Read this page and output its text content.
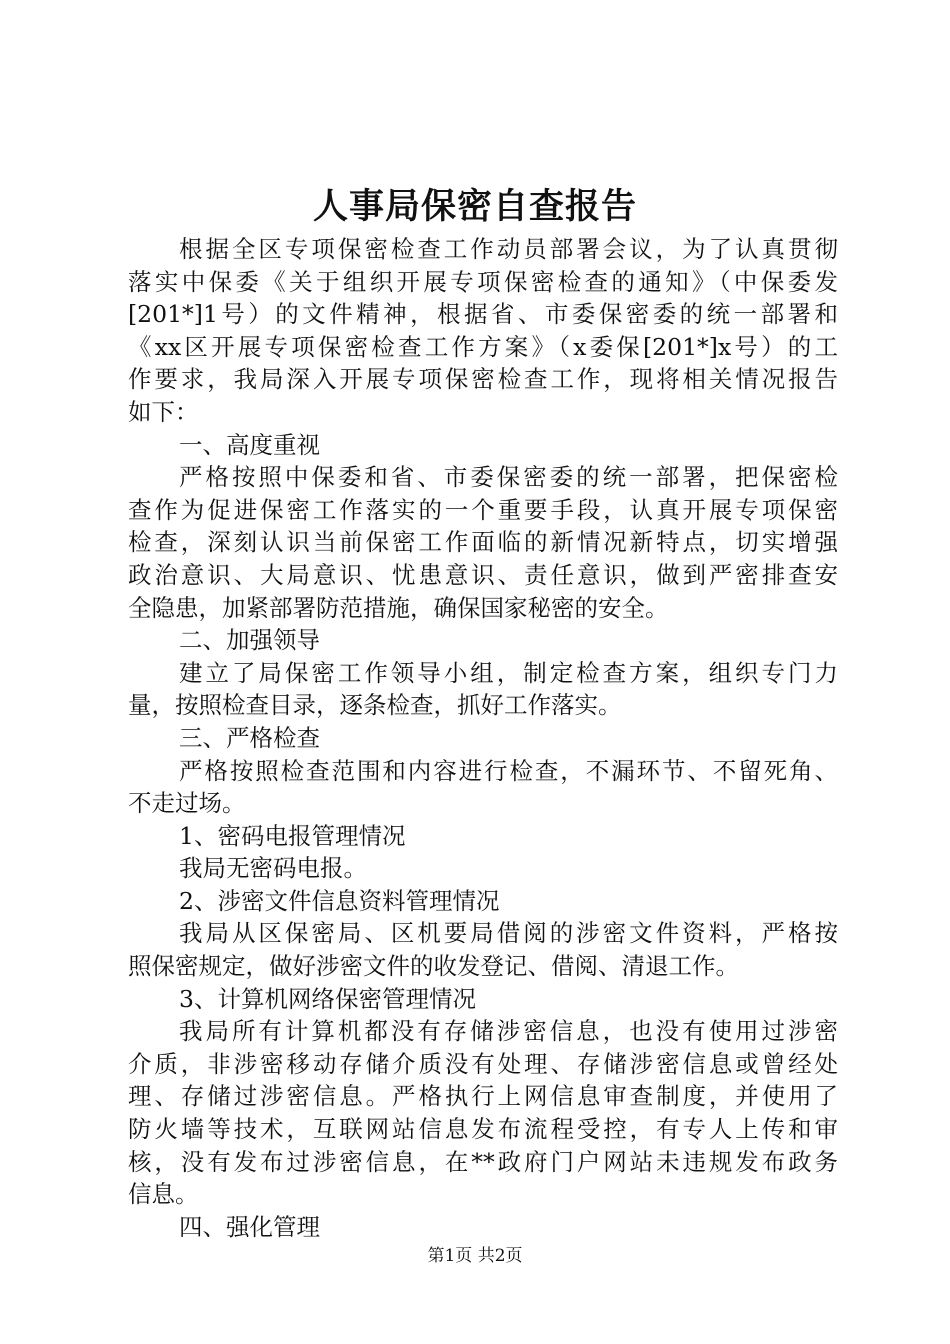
人事局保密自查报告
根据全区专项保密检查工作动员部署会议，为了认真贯彻
落实中保委《关于组织开展专项保密检查的通知》（中保委发
[201*]1号）的文件精神，根据省、市委保密委的统一部署和
《xx区开展专项保密检查工作方案》（x委保[201*]x号）的工
作要求，我局深入开展专项保密检查工作，现将相关情况报告
如下：
一、高度重视
严格按照中保委和省、市委保密委的统一部署，把保密检
查作为促进保密工作落实的一个重要手段，认真开展专项保密
检查，深刻认识当前保密工作面临的新情况新特点，切实增强
政治意识、大局意识、忧患意识、责任意识，做到严密排查安
全隐患，加紧部署防范措施，确保国家秘密的安全。
二、加强领导
建立了局保密工作领导小组，制定检查方案，组织专门力
量，按照检查目录，逐条检查，抓好工作落实。
三、严格检查
严格按照检查范围和内容进行检查，不漏环节、不留死角、
不走过场。
1、密码电报管理情况
我局无密码电报。
2、涉密文件信息资料管理情况
我局从区保密局、区机要局借阅的涉密文件资料，严格按
照保密规定，做好涉密文件的收发登记、借阅、清退工作。
3、计算机网络保密管理情况
我局所有计算机都没有存储涉密信息，也没有使用过涉密
介质，非涉密移动存储介质没有处理、存储涉密信息或曾经处
理、存储过涉密信息。严格执行上网信息审查制度，并使用了
防火墙等技术，互联网站信息发布流程受控，有专人上传和审
核，没有发布过涉密信息，在**政府门户网站未违规发布政务
信息。
四、强化管理
第1页 共2页
